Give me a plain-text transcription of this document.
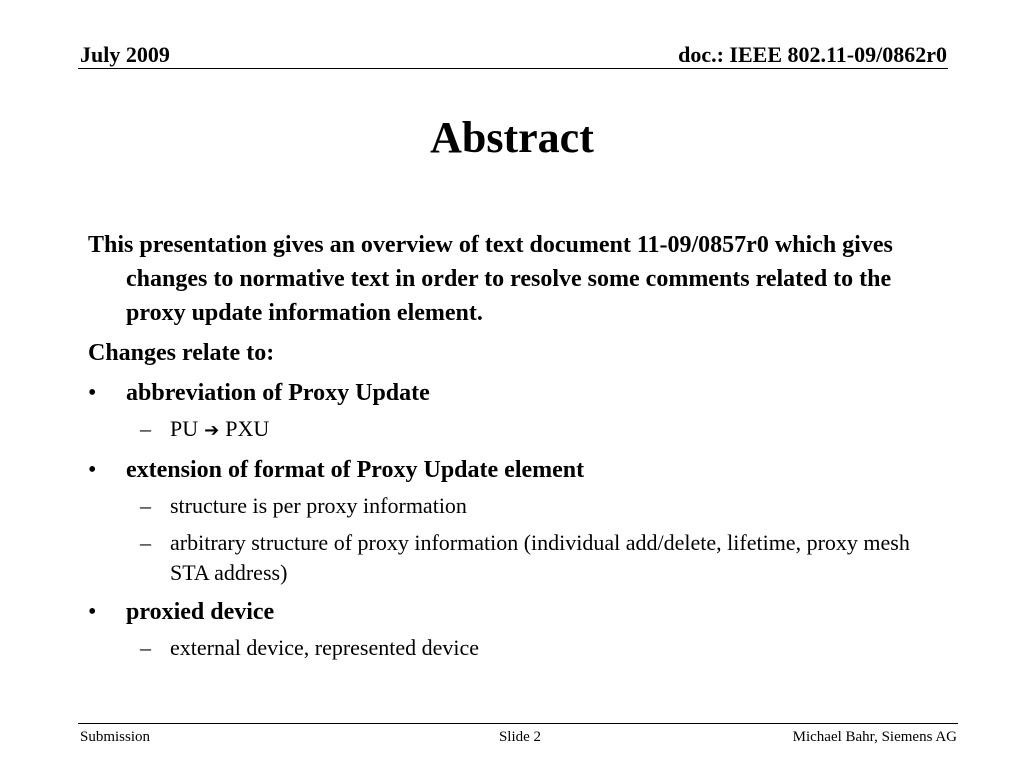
July 2009	doc.: IEEE 802.11-09/0862r0
Abstract

This presentation gives an overview of text document 11-09/0857r0 which gives changes to normative text in order to resolve some comments related to the proxy update information element.

Changes relate to:

• abbreviation of Proxy Update
– PU ➔ PXU
• extension of format of Proxy Update element
– structure is per proxy information
– arbitrary structure of proxy information (individual add/delete, lifetime, proxy mesh STA address)
• proxied device
– external device, represented device
Submission	Slide 2	Michael Bahr, Siemens AG
